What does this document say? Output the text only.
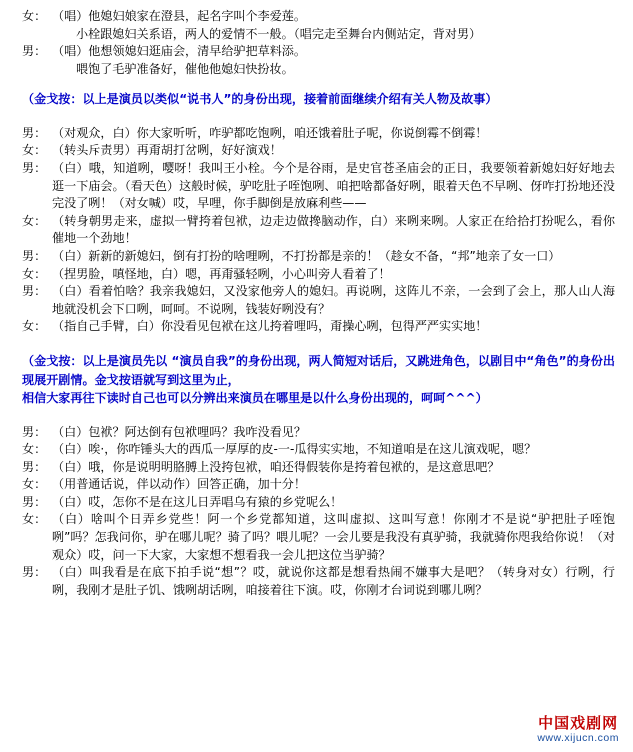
女： （唱）他媳妇娘家在澄县，起名字叫个李爱莲。
小栓跟媳妇关系语，两人的爱情不一般。（唱完走至舞台内侧站定，背对男）
男： （唱）他想领媳妇逛庙会，清早给驴把草料添。
喂饱了毛驴准备好，催他他媳妇快扮妆。
（金戈按：以上是演员以类似“说书人”的身份出现，接着前面继续介绍有关人物及故事）
男： （对观众，白）你大家听听，咋驴都吃饱咧，咱还饿着肚子呢，你说倒霉不倒霉！
女： （转头斥责男）再甭胡打岔咧，好好演戏！
男： （白）哦，知道咧，嘤呀！我叫王小栓。今个是谷雨，是史官苍圣庙会的正日，我要领着新媳妇好好地去逛一下庙会。（看天色）这般时候，驴吃肚子咥饱咧、咱把啥都备好咧，眼着天色不早咧、伢咋打扮地还没完没了咧！（对女喊）哎，早哩，你手脚倒是放麻利些——
女： （转身朝男走来，虚拟一臂挎着包袱，边走边做搀脑动作，白）来咧来咧。人家正在给拾打扮呢么，看你催地一个劲地！
男： （白）新新的新媳妇，倒有打扮的啥哩咧，不打扮都是亲的！（趁女不备，“邦”地亲了女一口）
女： （捏男脸，嗔怪地，白）嗯，再甭骚轻咧，小心叫旁人看着了！
男： （白）看着怕啥？我亲我媳妇，又没家他旁人的媳妇。再说咧，这阵儿不亲，一会到了会上，那人山人海地就没机会下口咧，呵呵。不说咧，钱装好咧没有？
女： （指自己手臂，白）你没看见包袱在这儿挎着哩吗，甭操心咧，包得严严实实地！
（金戈按：以上是演员先以 “演员自我”的身份出现，两人简短对话后，又跳进角色，以剧目中“角色”的身份出现展开剧情。金戈按语就写到这里为止，
相信大家再往下读时自己也可以分辨出来演员在哪里是以什么身份出现的，呵呵^^^）
男： （白）包袱？阿达倒有包袱哩吗？我咋没看见？
女： （白）唉·，你咋锤头大的西瓜一厚厚的皮-一-瓜得实实地，不知道咱是在这儿演戏呢，嗯？
男： （白）哦，你是说明明胳膊上没挎包袱，咱还得假装你是挎着包袱的，是这意思吧？
女： （用普通话说，伴以动作）回答正确，加十分！
男： （白）哎，怎你不是在这儿日弄唱乌有猿的乡党呢么！
女： （白）啥叫个日弄乡党些！阿一个乡党都知道，这叫虚拟、这叫写意！你刚才不是说“驴把肚子咥饱咧”吗？怎我问你，驴在哪儿呢？骑了吗？喂儿呢？一会儿要是我没有真驴骑，我就骑你咫我给你说！（对观众）哎，问一下大家，大家想不想看我一会儿把这位当驴骑？
男： （白）叫我看是在底下拍手说“想”？哎，就说你这都是想看热闹不嫌事大是吧？（转身对女）行咧，行咧，我刚才是肚子饥、饿咧胡话咧，咱接着往下演。哎，你刚才台词说到哪儿咧？
中国戏剧网
www.xijucn.com
